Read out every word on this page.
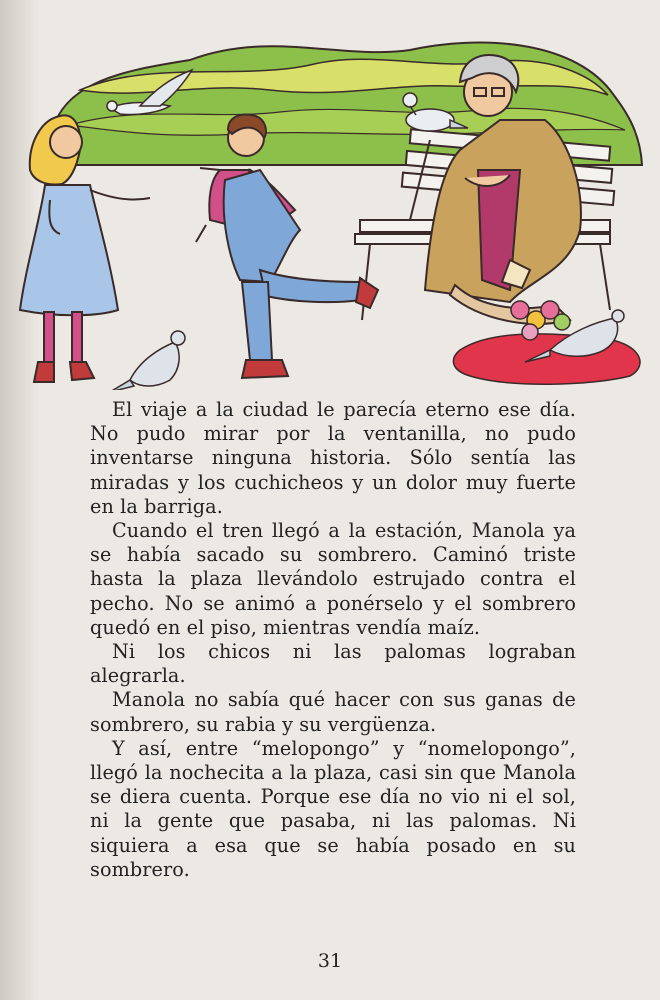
El viaje a la ciudad le parecía eterno ese día. No pudo mirar por la ventanilla, no pudo inventarse ninguna historia. Sólo sentía las miradas y los cuchicheos y un dolor muy fuerte en la barriga.

Cuando el tren llegó a la estación, Manola ya se había sacado su sombrero. Caminó triste hasta la plaza llevándolo estrujado contra el pecho. No se animó a ponérselo y el sombrero quedó en el piso, mientras vendía maíz.

Ni los chicos ni las palomas lograban alegrarla.

Manola no sabía qué hacer con sus ganas de sombrero, su rabia y su vergüenza.

Y así, entre “melopongo” y “nomelopongo”, llegó la nochecita a la plaza, casi sin que Manola se diera cuenta. Porque ese día no vio ni el sol, ni la gente que pasaba, ni las palomas. Ni siquiera a esa que se había posado en su sombrero.

31
